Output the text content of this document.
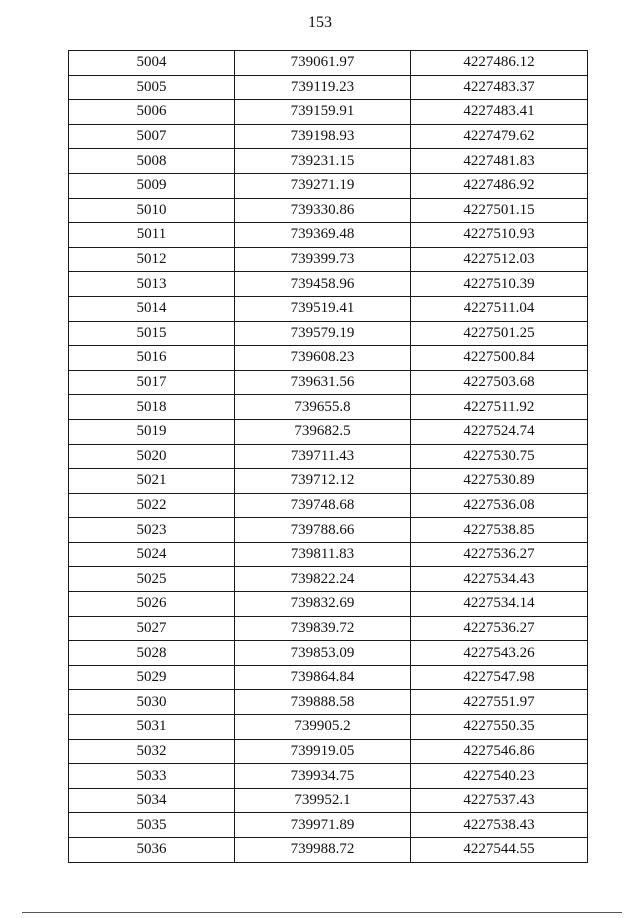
153
5004	739061.97	4227486.12
5005	739119.23	4227483.37
5006	739159.91	4227483.41
5007	739198.93	4227479.62
5008	739231.15	4227481.83
5009	739271.19	4227486.92
5010	739330.86	4227501.15
5011	739369.48	4227510.93
5012	739399.73	4227512.03
5013	739458.96	4227510.39
5014	739519.41	4227511.04
5015	739579.19	4227501.25
5016	739608.23	4227500.84
5017	739631.56	4227503.68
5018	739655.8	4227511.92
5019	739682.5	4227524.74
5020	739711.43	4227530.75
5021	739712.12	4227530.89
5022	739748.68	4227536.08
5023	739788.66	4227538.85
5024	739811.83	4227536.27
5025	739822.24	4227534.43
5026	739832.69	4227534.14
5027	739839.72	4227536.27
5028	739853.09	4227543.26
5029	739864.84	4227547.98
5030	739888.58	4227551.97
5031	739905.2	4227550.35
5032	739919.05	4227546.86
5033	739934.75	4227540.23
5034	739952.1	4227537.43
5035	739971.89	4227538.43
5036	739988.72	4227544.55
